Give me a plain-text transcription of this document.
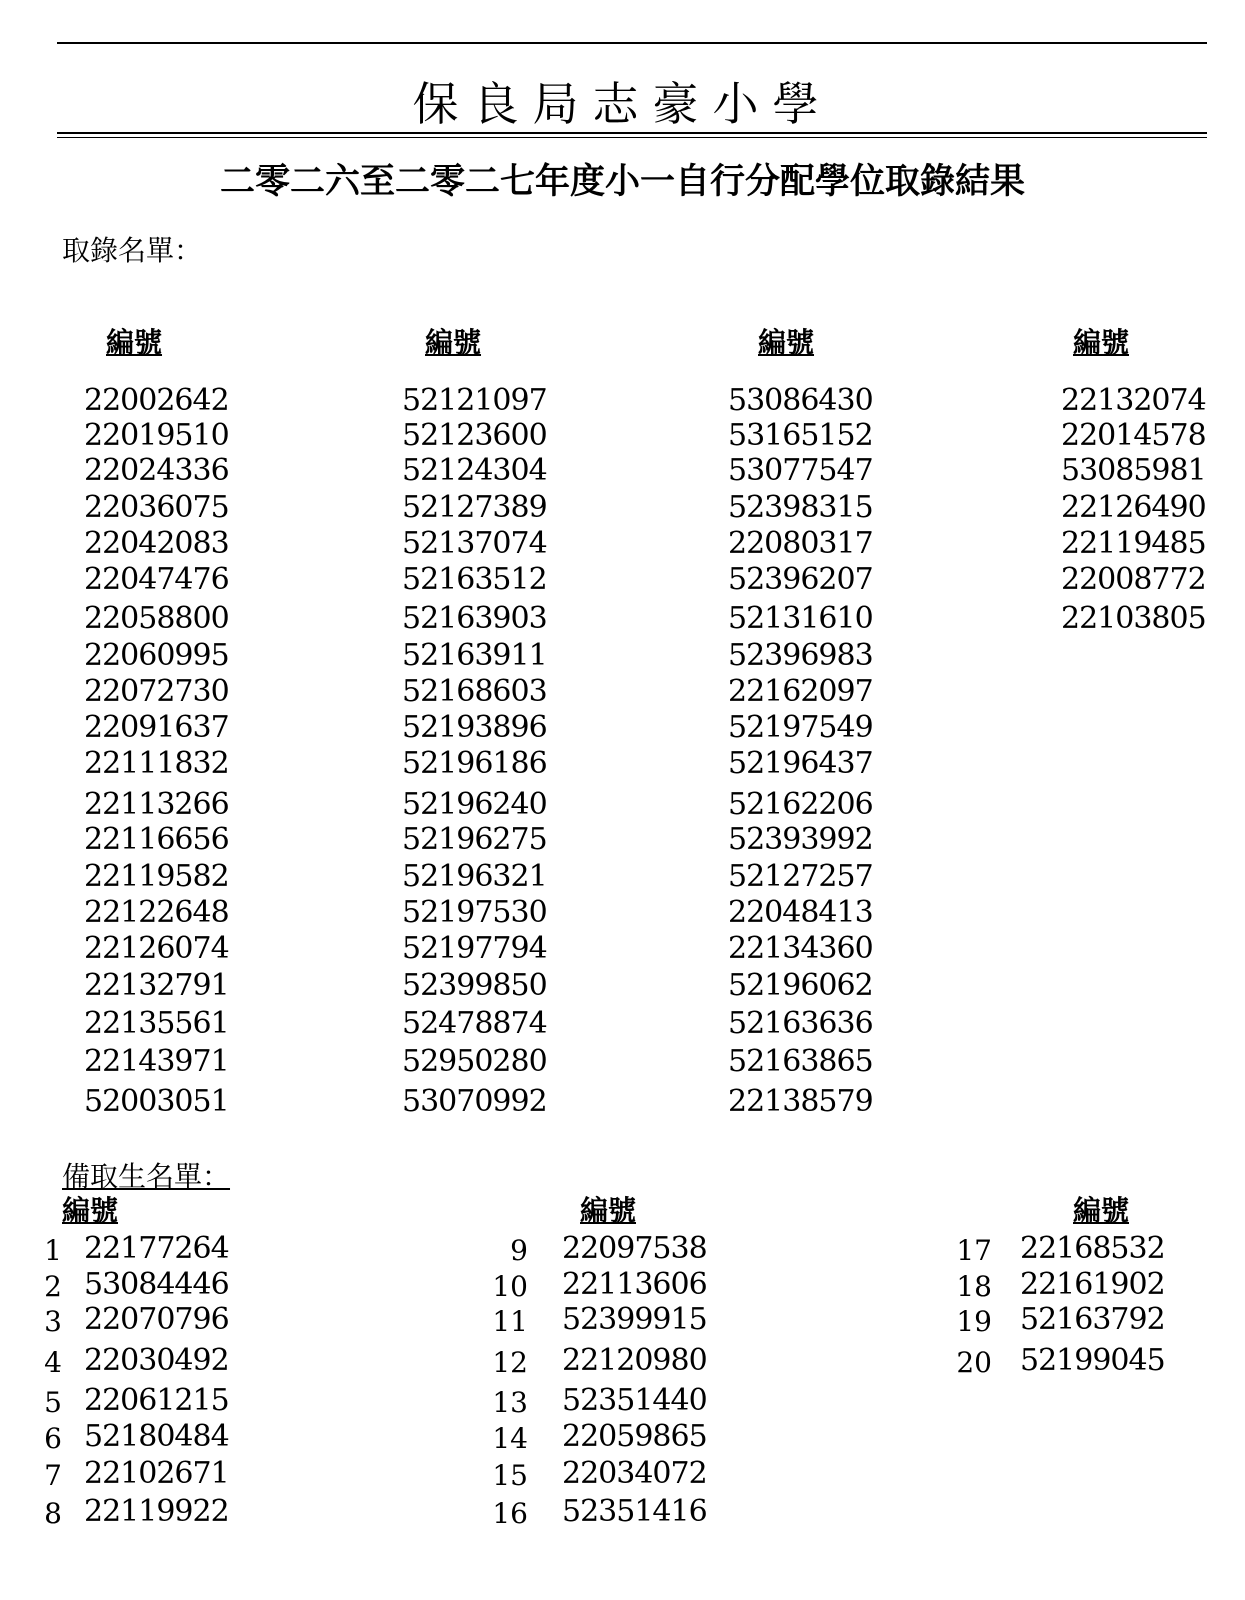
保良局志豪小學
二零二六至二零二七年度小一自行分配學位取錄結果
取錄名單：
備取生名單：
編號
22002642
22019510
22024336
22036075
22042083
22047476
22058800
22060995
22072730
22091637
22111832
22113266
22116656
22119582
22122648
22126074
22132791
22135561
22143971
52003051
編號
52121097
52123600
52124304
52127389
52137074
52163512
52163903
52163911
52168603
52193896
52196186
52196240
52196275
52196321
52197530
52197794
52399850
52478874
52950280
53070992
編號
53086430
53165152
53077547
52398315
22080317
52396207
52131610
52396983
22162097
52197549
52196437
52162206
52393992
52127257
22048413
22134360
52196062
52163636
52163865
22138579
編號
22132074
22014578
53085981
22126490
22119485
22008772
22103805
編號
1 22177264
2 53084446
3 22070796
4 22030492
5 22061215
6 52180484
7 22102671
8 22119922
編號
9 22097538
10 22113606
11 52399915
12 22120980
13 52351440
14 22059865
15 22034072
16 52351416
編號
17 22168532
18 22161902
19 52163792
20 52199045
